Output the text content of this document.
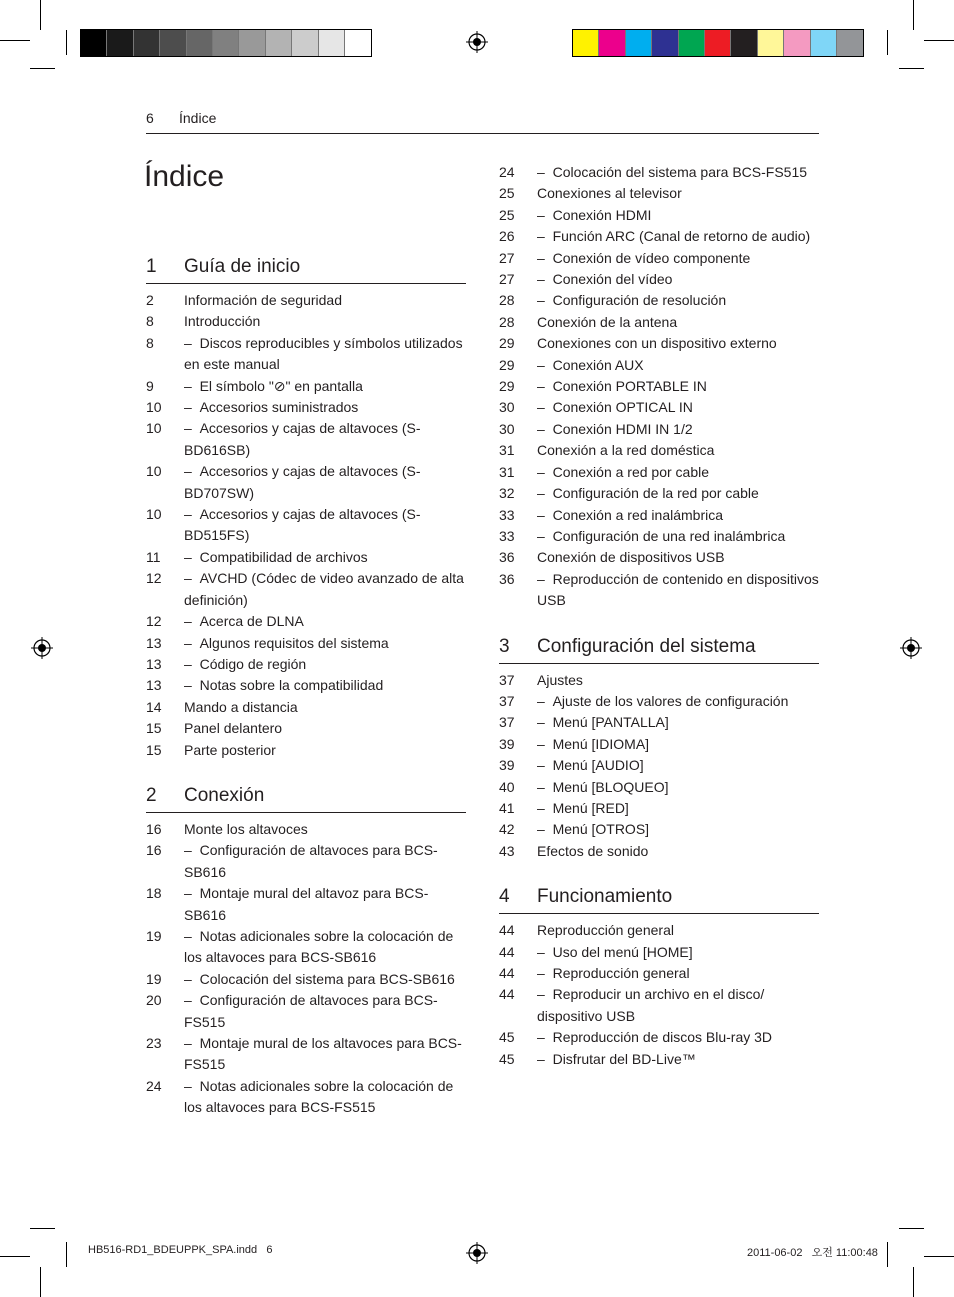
6 Índice
Índice
1	Guía de inicio
2	Información de seguridad
8	Introducción
8	–  Discos reproducibles y símbolos utilizados en este manual
9	–  El símbolo "⊘" en pantalla
10	–  Accesorios suministrados
10	–  Accesorios y cajas de altavoces (S-BD616SB)
10	–  Accesorios y cajas de altavoces (S-BD707SW)
10	–  Accesorios y cajas de altavoces (S-BD515FS)
11	–  Compatibilidad de archivos
12	–  AVCHD (Códec de video avanzado de alta definición)
12	–  Acerca de DLNA
13	–  Algunos requisitos del sistema
13	–  Código de región
13	–  Notas sobre la compatibilidad
14	Mando a distancia
15	Panel delantero
15	Parte posterior
2	Conexión
16	Monte los altavoces
16	–  Configuración de altavoces para BCS-SB616
18	–  Montaje mural del altavoz para BCS-SB616
19	–  Notas adicionales sobre la colocación de los altavoces para BCS-SB616
19	–  Colocación del sistema para BCS-SB616
20	–  Configuración de altavoces para BCS-FS515
23	–  Montaje mural de los altavoces para BCS-FS515
24	–  Notas adicionales sobre la colocación de los altavoces para BCS-FS515
24	–  Colocación del sistema para BCS-FS515
25	Conexiones al televisor
25	–  Conexión HDMI
26	–  Función ARC (Canal de retorno de audio)
27	–  Conexión de vídeo componente
27	–  Conexión del vídeo
28	–  Configuración de resolución
28	Conexión de la antena
29	Conexiones con un dispositivo externo
29	–  Conexión AUX
29	–  Conexión PORTABLE IN
30	–  Conexión OPTICAL IN
30	–  Conexión HDMI IN 1/2
31	Conexión a la red doméstica
31	–  Conexión a red por cable
32	–  Configuración de la red por cable
33	–  Conexión a red inalámbrica
33	–  Configuración de una red inalámbrica
36	Conexión de dispositivos USB
36	–  Reproducción de contenido en dispositivos USB
3	Configuración del sistema
37	Ajustes
37	–  Ajuste de los valores de configuración
37	–  Menú [PANTALLA]
39	–  Menú [IDIOMA]
39	–  Menú [AUDIO]
40	–  Menú [BLOQUEO]
41	–  Menú [RED]
42	–  Menú [OTROS]
43	Efectos de sonido
4	Funcionamiento
44	Reproducción general
44	–  Uso del menú [HOME]
44	–  Reproducción general
44	–  Reproducir un archivo en el disco/ dispositivo USB
45	–  Reproducción de discos Blu-ray 3D
45	–  Disfrutar del BD-Live™
HB516-RD1_BDEUPPK_SPA.indd   6	2011-06-02   오전 11:00:48
